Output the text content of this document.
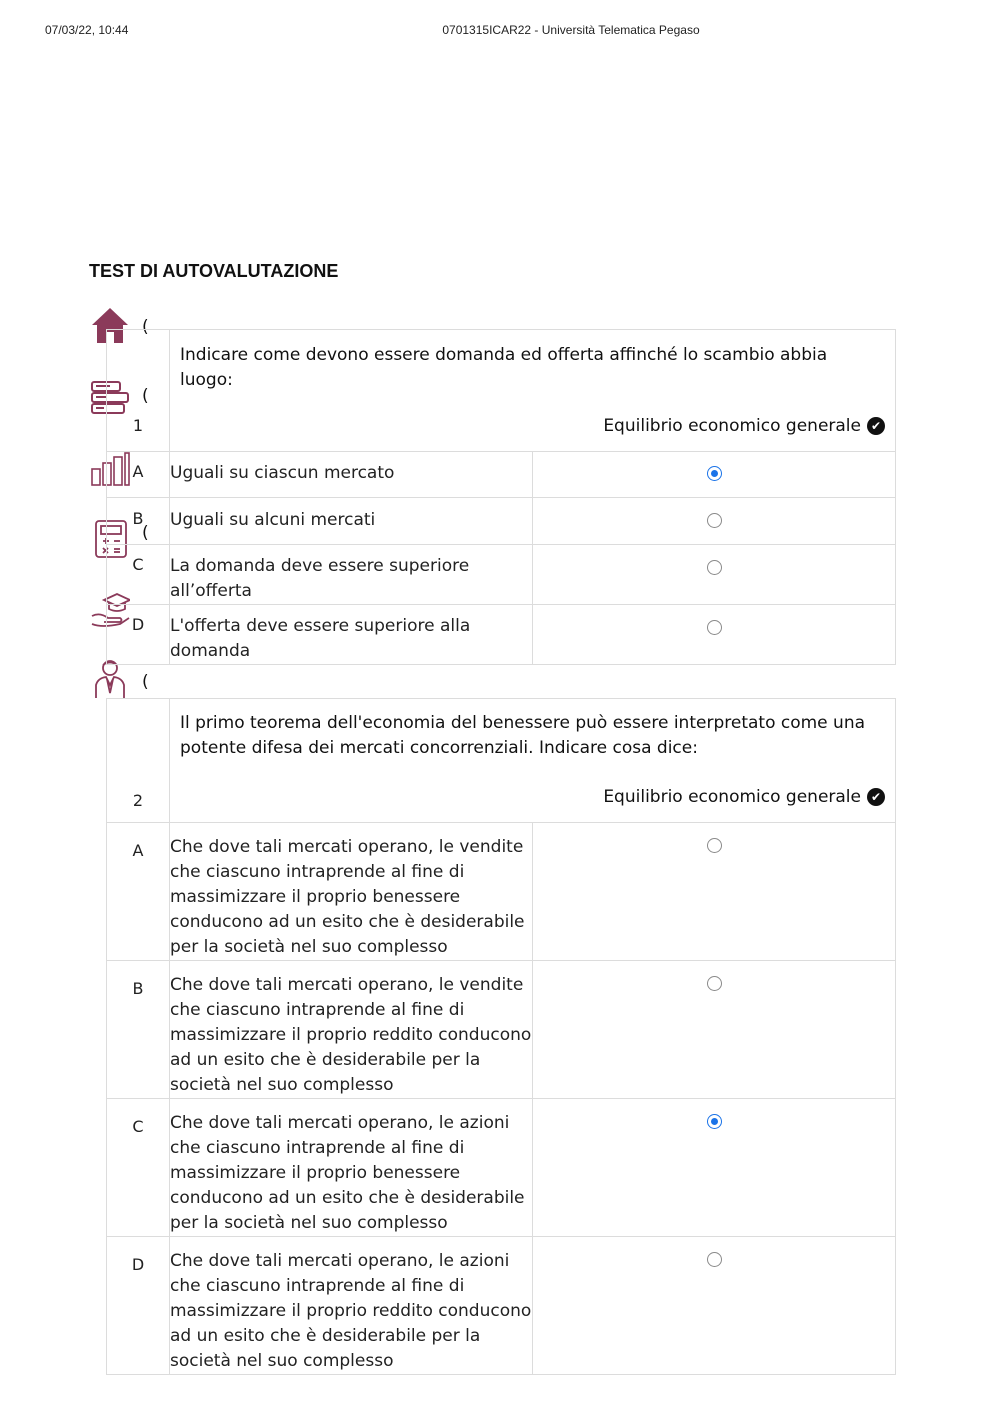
07/03/22, 10:44	0701315ICAR22 - Università Telematica Pegaso
TEST DI AUTOVALUTAZIONE
(
(
(
(
1	Indicare come devono essere domanda ed offerta affinché lo scambio abbia luogo:
Equilibrio economico generale ✔	

A	Uguali su ciascun mercato	
B	Uguali su alcuni mercati	
C	La domanda deve essere superiore all’offerta	
D	L'offerta deve essere superiore alla domanda	
2	Il primo teorema dell'economia del benessere può essere interpretato come una potente difesa dei mercati concorrenziali. Indicare cosa dice:
Equilibrio economico generale ✔	

A	Che dove tali mercati operano, le vendite che ciascuno intraprende al fine di massimizzare il proprio benessere conducono ad un esito che è desiderabile per la società nel suo complesso	
B	Che dove tali mercati operano, le vendite che ciascuno intraprende al fine di massimizzare il proprio reddito conducono ad un esito che è desiderabile per la società nel suo complesso	
C	Che dove tali mercati operano, le azioni che ciascuno intraprende al fine di massimizzare il proprio benessere conducono ad un esito che è desiderabile per la società nel suo complesso	
D	Che dove tali mercati operano, le azioni che ciascuno intraprende al fine di massimizzare il proprio reddito conducono ad un esito che è desiderabile per la società nel suo complesso	
